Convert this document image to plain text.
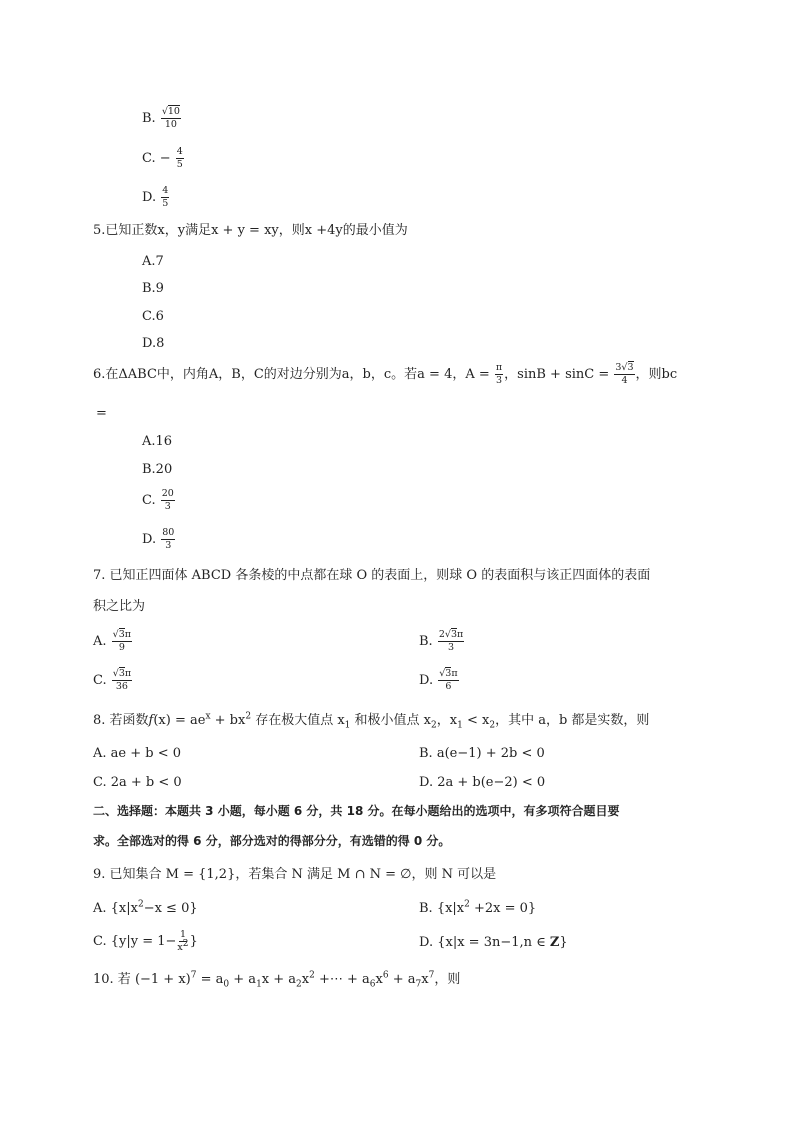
B. $\frac{√10}{10}$
C. − $\frac{4}{5}$
D. $\frac{4}{5}$
5.已知正数x，y满足x + y = xy，则x +4y的最小值为
A.7
B.9
C.6
D.8
6.在ΔABC中，内角A，B，C的对边分别为a，b，c。若a = 4，$A = \frac{\pi}{3}$ ，$\sin B + \sin C = \frac{3√3}{4}$ ，则bc
=
A.16
B.20
C. $\frac{20}{3}$
D. $\frac{80}{3}$
7. 已知正四面体 ABCD 各条棱的中点都在球 O 的表面上，则球 O 的表面积与该正四面体的表面
积之比为
A. $\frac{√3\pi}{9}$	B. $\frac{2√3\pi}{3}$
C. $\frac{√3\pi}{36}$	D. $\frac{√3\pi}{6}$
8. 若函数$f(x) = ae^x + bx^2$ 存在极大值点 $x_1$ 和极小值点 $x_2$，$x_1 < x_2$，其中 a，b 都是实数，则
A. ae + b < 0	B. a(e−1) + 2b < 0
C. 2a + b < 0	D. 2a + b(e−2) < 0
二、选择题：本题共 3 小题，每小题 6 分，共 18 分。在每小题给出的选项中，有多项符合题目要
求。全部选对的得 6 分，部分选对的得部分分，有选错的得 0 分。
9. 已知集合 M = {1,2}，若集合 N 满足 M ∩ N = ∅，则 N 可以是
A. $\{x|x^2-x \le 0\}$	B. $\{x|x^2 +2x = 0\}$
C. {$y|y = 1- \frac{1}{x^2}$ }	D. {x|x = 3n−1,n ∈ Z}
10. 若 $(-1 + x)^7 = a_0 + a_1x + a_2x^2$ +⋯ + $a_6x^6 + a_7x^7$，则
